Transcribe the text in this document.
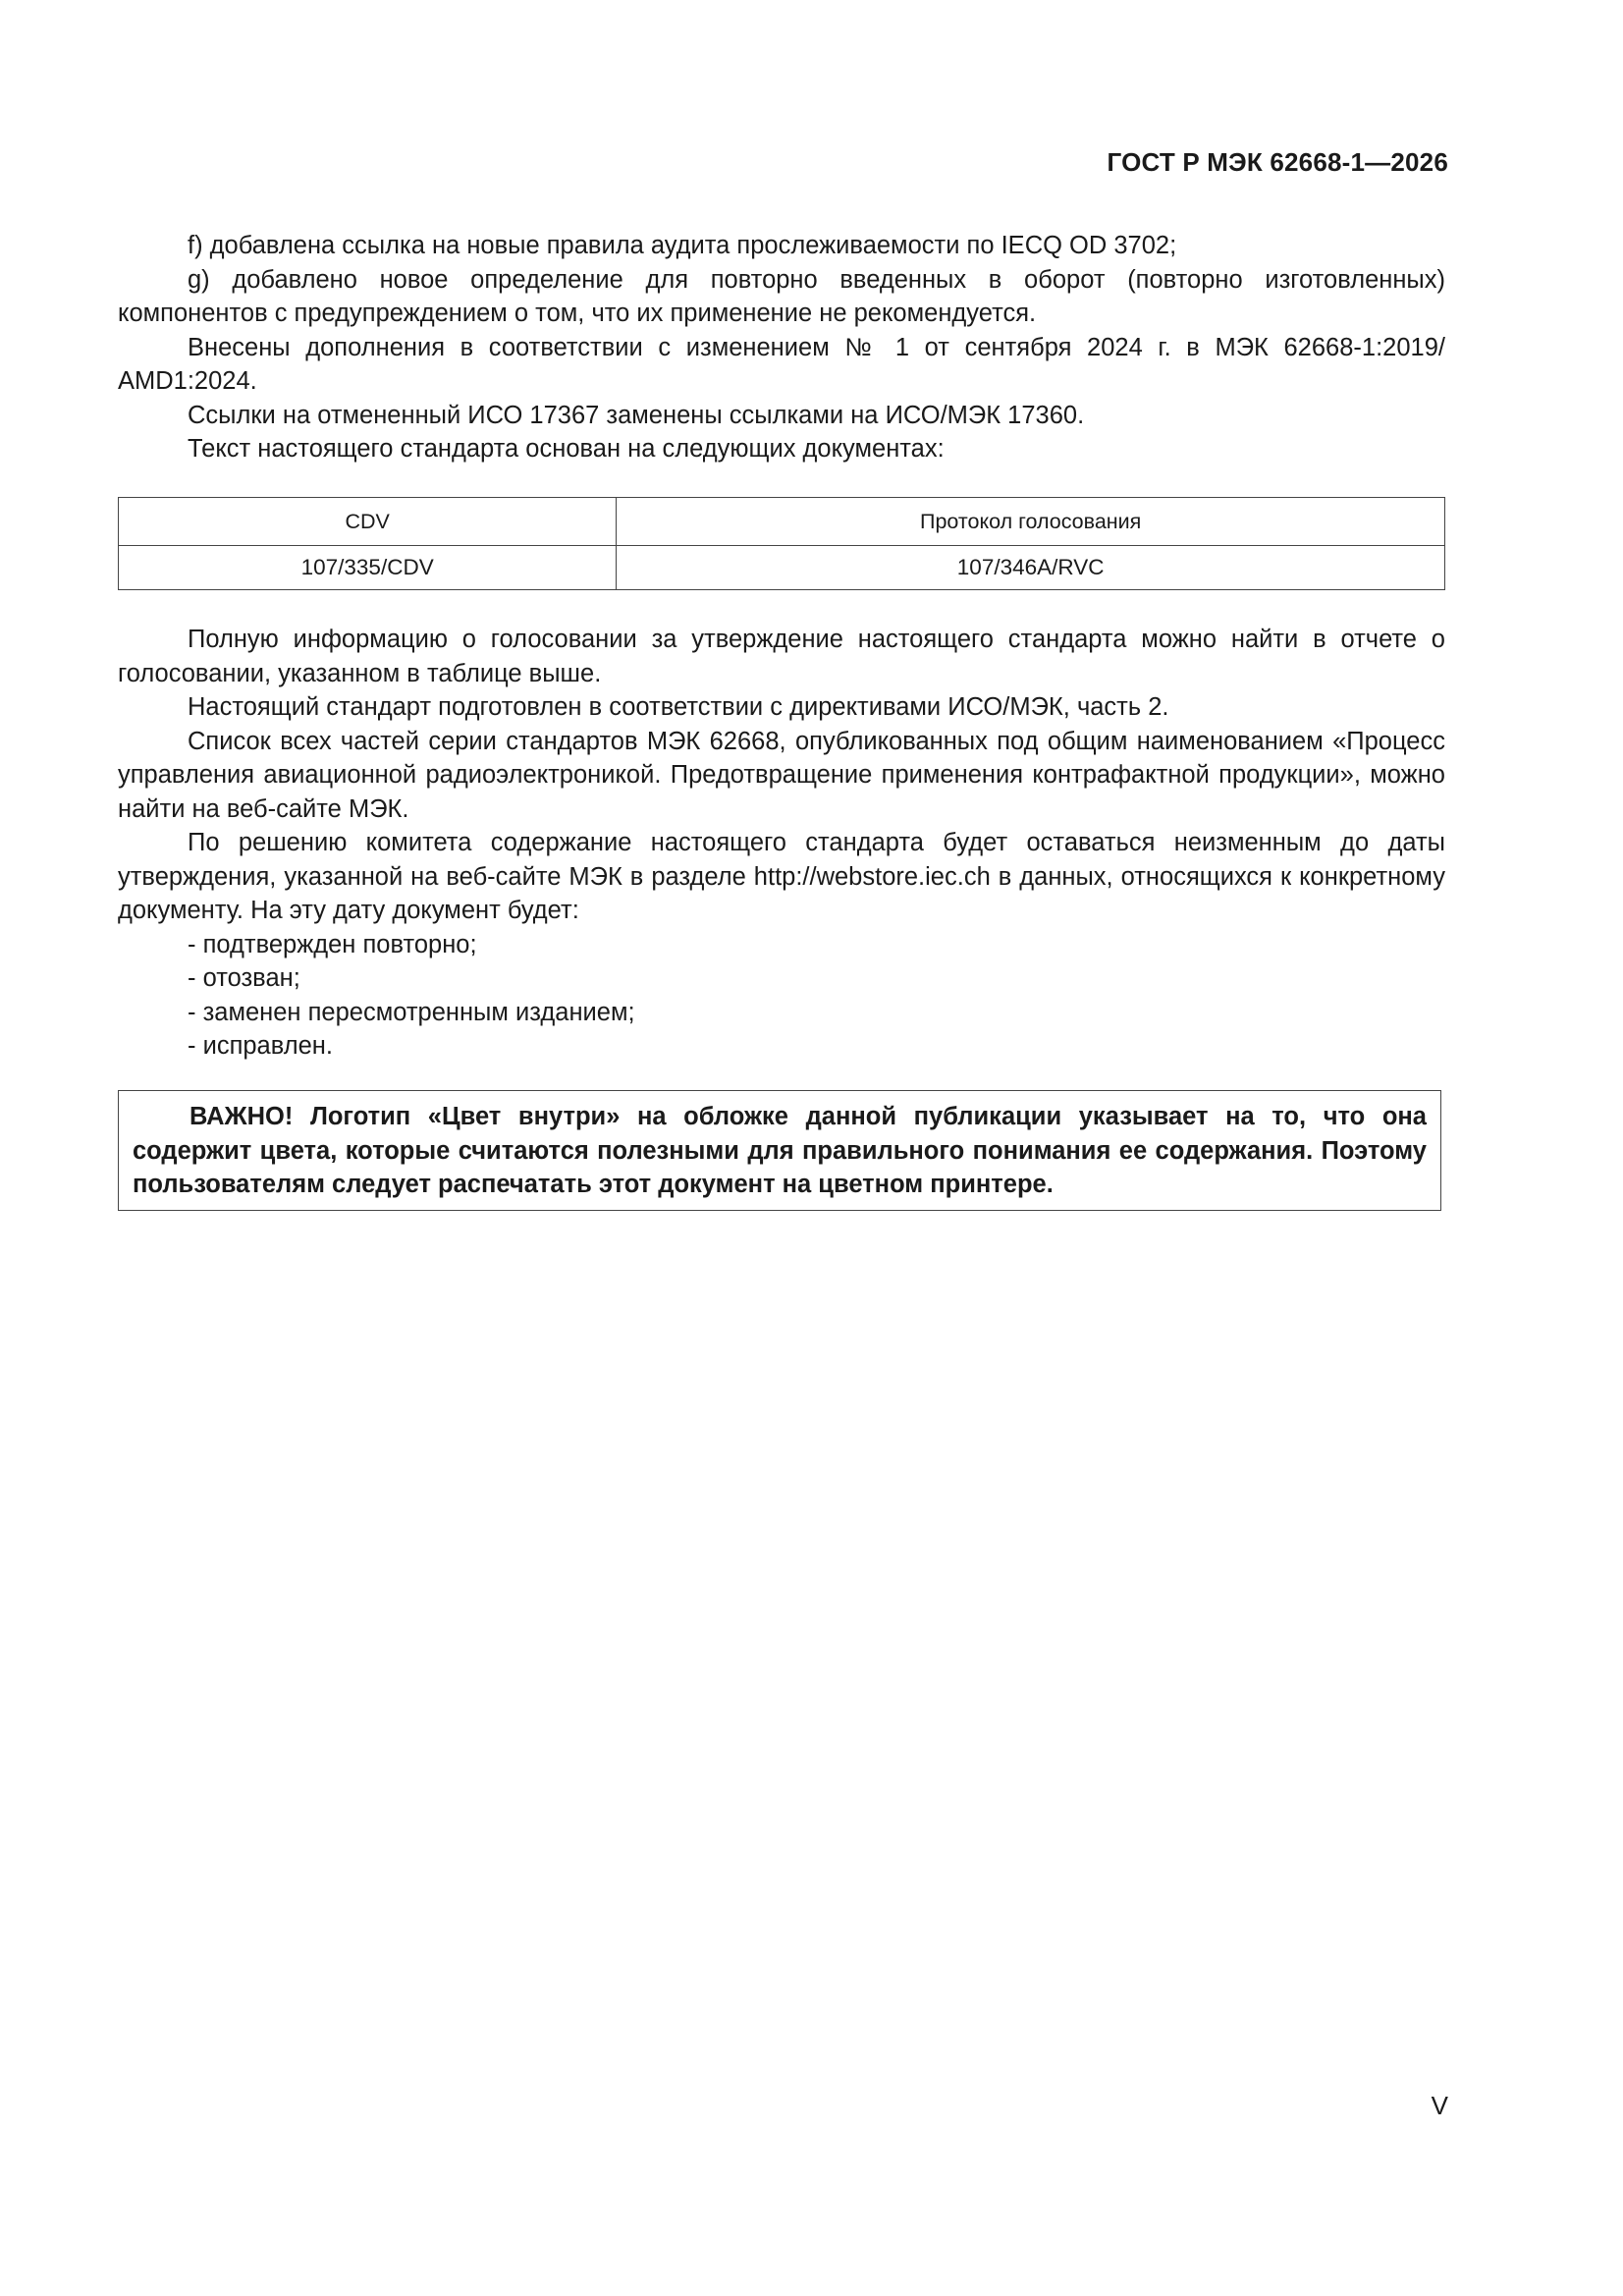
ГОСТ Р МЭК 62668-1—2026

f) добавлена ссылка на новые правила аудита прослеживаемости по IECQ OD 3702;

g) добавлено новое определение для повторно введенных в оборот (повторно изготовленных) компонентов с предупреждением о том, что их применение не рекомендуется.

Внесены дополнения в соответствии с изменением № 1 от сентября 2024 г. в МЭК 62668-1:2019/ AMD1:2024.

Ссылки на отмененный ИСО 17367 заменены ссылками на ИСО/МЭК 17360.

Текст настоящего стандарта основан на следующих документах:

CDV	Протокол голосования
107/335/CDV	107/346A/RVC

Полную информацию о голосовании за утверждение настоящего стандарта можно найти в отчете о голосовании, указанном в таблице выше.

Настоящий стандарт подготовлен в соответствии с директивами ИСО/МЭК, часть 2.

Список всех частей серии стандартов МЭК 62668, опубликованных под общим наименованием «Процесс управления авиационной радиоэлектроникой. Предотвращение применения контрафактной продукции», можно найти на веб-сайте МЭК.

По решению комитета содержание настоящего стандарта будет оставаться неизменным до даты утверждения, указанной на веб-сайте МЭК в разделе http://webstore.iec.ch в данных, относящихся к конкретному документу. На эту дату документ будет:

- подтвержден повторно;

- отозван;

- заменен пересмотренным изданием;

- исправлен.

ВАЖНО! Логотип «Цвет внутри» на обложке данной публикации указывает на то, что она содержит цвета, которые считаются полезными для правильного понимания ее содержания. Поэтому пользователям следует распечатать этот документ на цветном принтере.
V
